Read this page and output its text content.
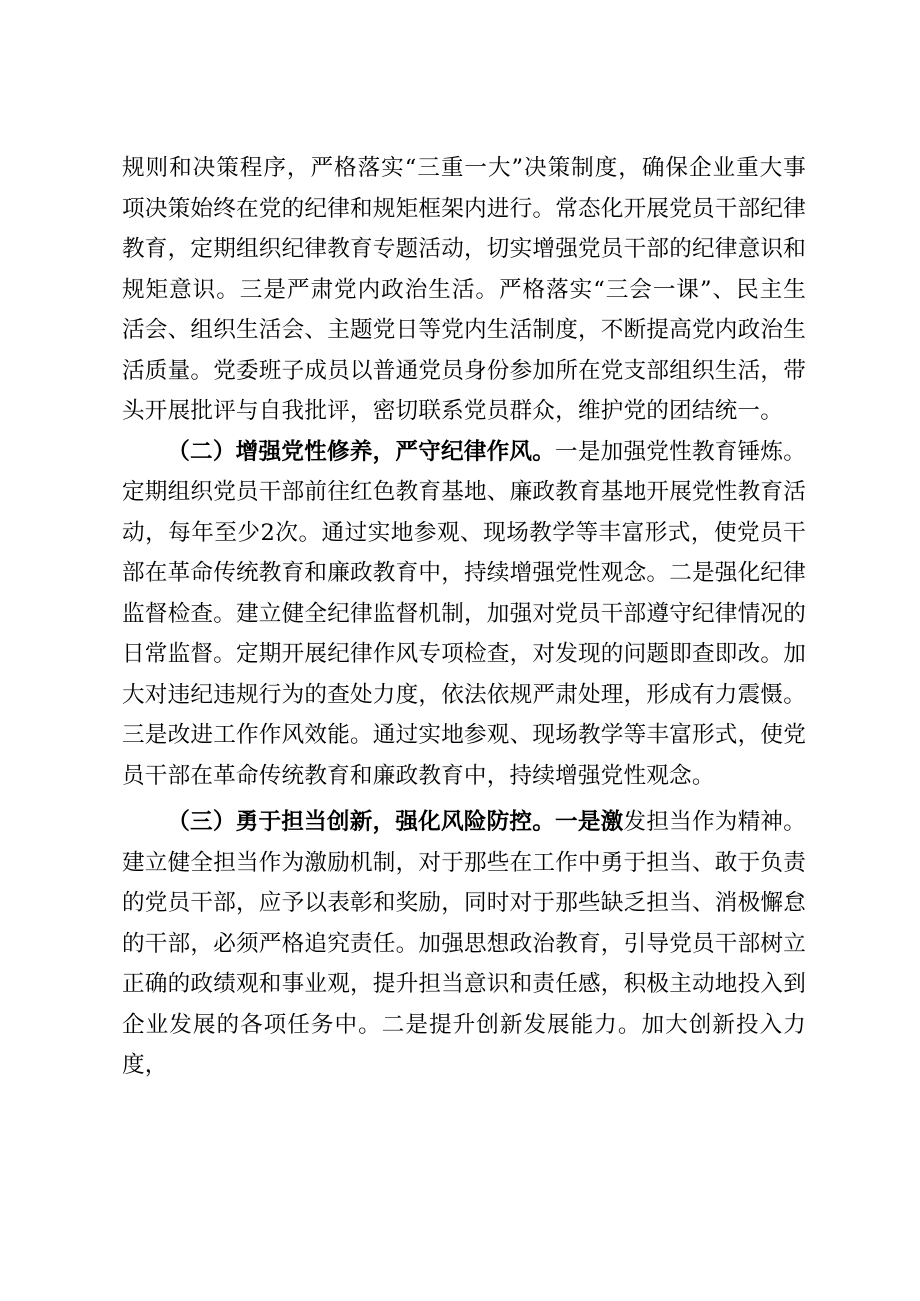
规则和决策程序，严格落实“三重一大”决策制度，确保企业重大事项决策始终在党的纪律和规矩框架内进行。常态化开展党员干部纪律教育，定期组织纪律教育专题活动，切实增强党员干部的纪律意识和规矩意识。三是严肃党内政治生活。严格落实“三会一课”、民主生活会、组织生活会、主题党日等党内生活制度，不断提高党内政治生活质量。党委班子成员以普通党员身份参加所在党支部组织生活，带头开展批评与自我批评，密切联系党员群众，维护党的团结统一。

（二）增强党性修养，严守纪律作风。一是加强党性教育锤炼。定期组织党员干部前往红色教育基地、廉政教育基地开展党性教育活动，每年至少2次。通过实地参观、现场教学等丰富形式，使党员干部在革命传统教育和廉政教育中，持续增强党性观念。二是强化纪律监督检查。建立健全纪律监督机制，加强对党员干部遵守纪律情况的日常监督。定期开展纪律作风专项检查，对发现的问题即查即改。加大对违纪违规行为的查处力度，依法依规严肃处理，形成有力震慑。三是改进工作作风效能。通过实地参观、现场教学等丰富形式，使党员干部在革命传统教育和廉政教育中，持续增强党性观念。

（三）勇于担当创新，强化风险防控。一是激发担当作为精神。建立健全担当作为激励机制，对于那些在工作中勇于担当、敢于负责的党员干部，应予以表彰和奖励，同时对于那些缺乏担当、消极懈怠的干部，必须严格追究责任。加强思想政治教育，引导党员干部树立正确的政绩观和事业观，提升担当意识和责任感，积极主动地投入到企业发展的各项任务中。二是提升创新发展能力。加大创新投入力度，
